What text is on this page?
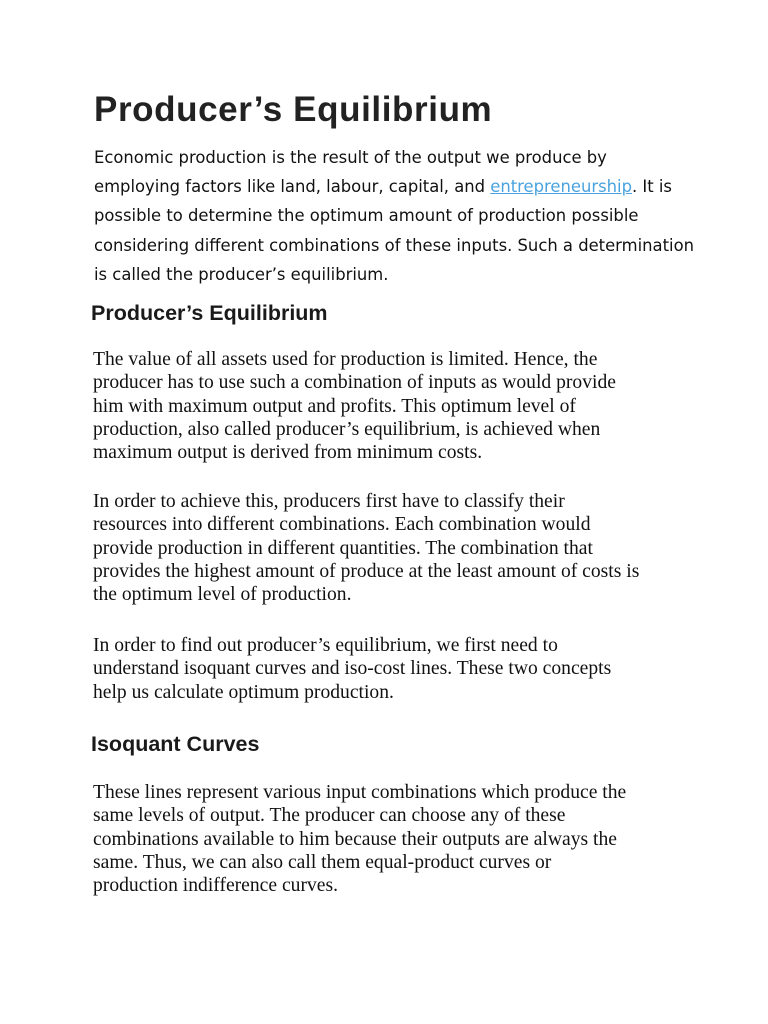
Producer’s Equilibrium

Economic production is the result of the output we produce by employing factors like land, labour, capital, and entrepreneurship. It is possible to determine the optimum amount of production possible considering different combinations of these inputs. Such a determination is called the producer’s equilibrium.

Producer’s Equilibrium

The value of all assets used for production is limited. Hence, the
producer has to use such a combination of inputs as would provide
him with maximum output and profits. This optimum level of
production, also called producer’s equilibrium, is achieved when
maximum output is derived from minimum costs.

In order to achieve this, producers first have to classify their
resources into different combinations. Each combination would
provide production in different quantities. The combination that
provides the highest amount of produce at the least amount of costs is
the optimum level of production.

In order to find out producer’s equilibrium, we first need to
understand isoquant curves and iso-cost lines. These two concepts
help us calculate optimum production.

Isoquant Curves

These lines represent various input combinations which produce the
same levels of output. The producer can choose any of these
combinations available to him because their outputs are always the
same. Thus, we can also call them equal-product curves or
production indifference curves.
